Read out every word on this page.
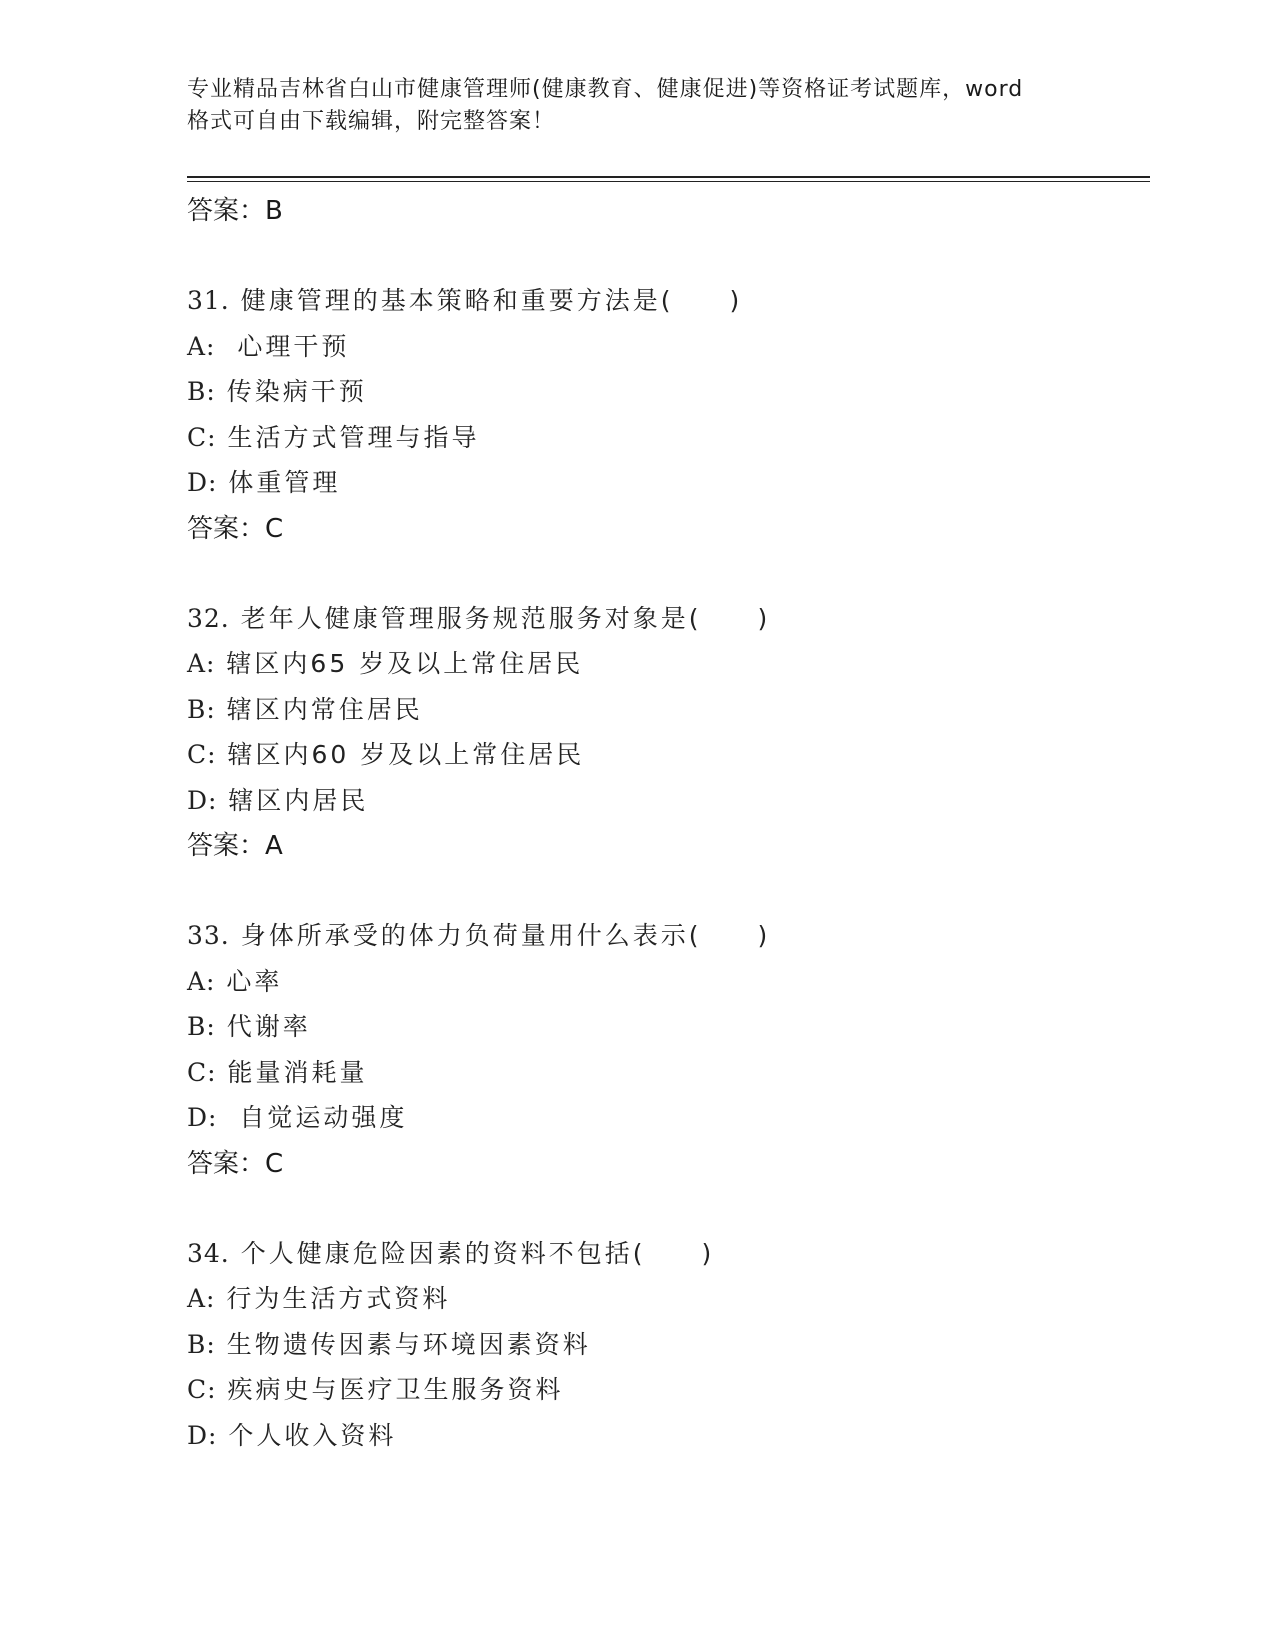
专业精品吉林省白山市健康管理师(健康教育、健康促进)等资格证考试题库，word
格式可自由下载编辑，附完整答案！
答案：B
31. 健康管理的基本策略和重要方法是(　　)
A:  心理干预
B: 传染病干预
C: 生活方式管理与指导
D: 体重管理
答案：C
32. 老年人健康管理服务规范服务对象是(　　)
A: 辖区内65 岁及以上常住居民
B: 辖区内常住居民
C: 辖区内60 岁及以上常住居民
D: 辖区内居民
答案：A
33. 身体所承受的体力负荷量用什么表示(　　)
A: 心率
B: 代谢率
C: 能量消耗量
D:  自觉运动强度
答案：C
34. 个人健康危险因素的资料不包括(　　)
A: 行为生活方式资料
B: 生物遗传因素与环境因素资料
C: 疾病史与医疗卫生服务资料
D: 个人收入资料
